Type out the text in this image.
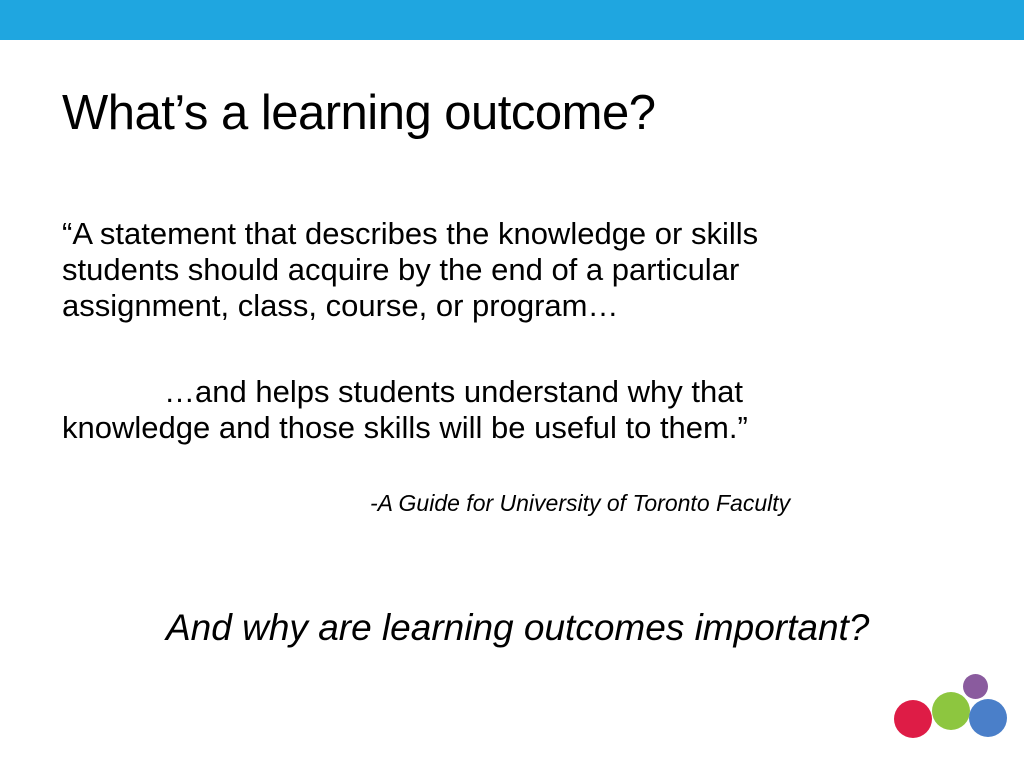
What’s a learning outcome?

“A statement that describes the knowledge or skills
students should acquire by the end of a particular
assignment, class, course, or program…

…and helps students understand why that
knowledge and those skills will be useful to them.”

-A Guide for University of Toronto Faculty

And why are learning outcomes important?
